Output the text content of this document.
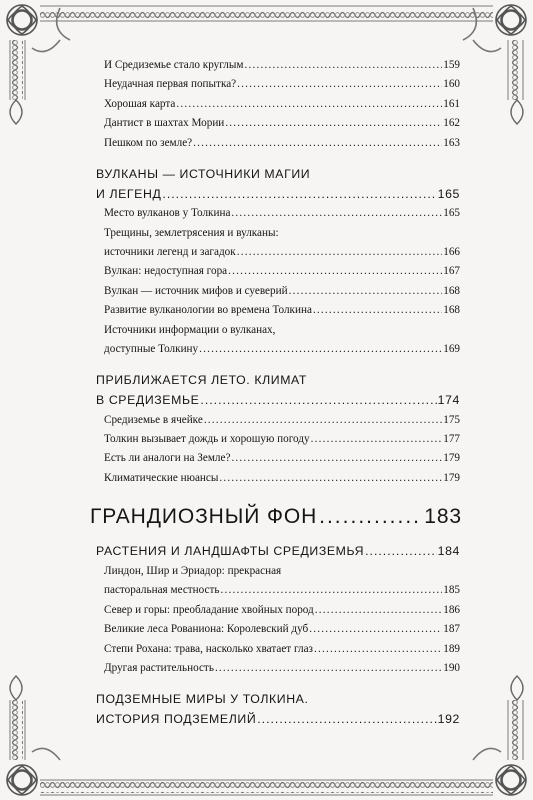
И Средиземье стало круглым .....	159
Неудачная первая попытка? .....	160
Хорошая карта .....	161
Дантист в шахтах Мории .....	162
Пешком по земле? .....	163
ВУЛКАНЫ — ИСТОЧНИКИ МАГИИ
И ЛЕГЕНД .....	165
Место вулканов у Толкина .....	165
Трещины, землетрясения и вулканы:
источники легенд и загадок .....	166
Вулкан: недоступная гора .....	167
Вулкан — источник мифов и суеверий .....	168
Развитие вулканологии во времена Толкина .....	168
Источники информации о вулканах,
доступные Толкину .....	169
ПРИБЛИЖАЕТСЯ ЛЕТО. КЛИМАТ
В СРЕДИЗЕМЬЕ .....	174
Средиземье в ячейке .....	175
Толкин вызывает дождь и хорошую погоду .....	177
Есть ли аналоги на Земле? .....	179
Климатические нюансы .....	179
ГРАНДИОЗНЫЙ ФОН .....	183
РАСТЕНИЯ И ЛАНДШАФТЫ СРЕДИЗЕМЬЯ .....	184
Линдон, Шир и Эриадор: прекрасная
пасторальная местность .....	185
Север и горы: преобладание хвойных пород .....	186
Великие леса Рованиона: Королевский дуб .....	187
Степи Рохана: трава, насколько хватает глаз .....	189
Другая растительность .....	190
ПОДЗЕМНЫЕ МИРЫ У ТОЛКИНА.
ИСТОРИЯ ПОДЗЕМЕЛИЙ .....	192
